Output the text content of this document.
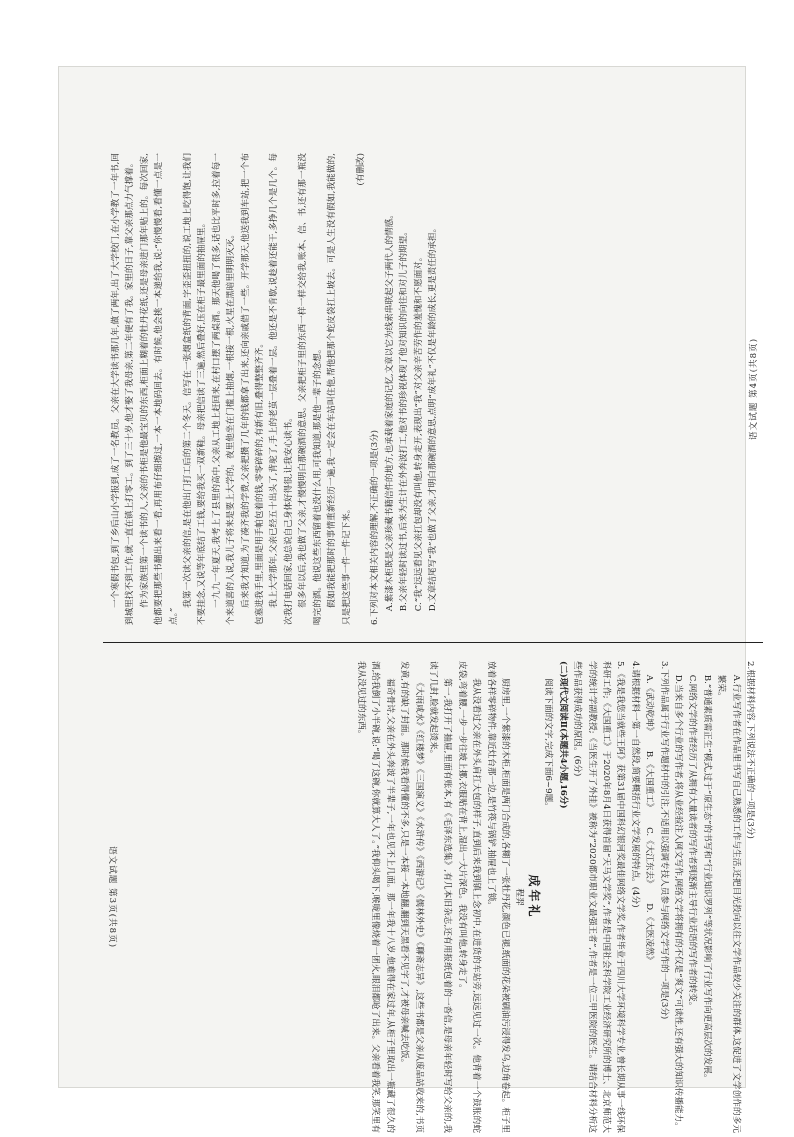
一个寒假书包,到了乡后山小学报到,成了一名教员。父亲在大学读书那几年,做了两年,出了大学校门,在小学教了一年书,回到城里找不到工作,就一直在镇上打零工。到了三十岁,他才娶了我母亲,第二年便有了我。家里的日子,靠父亲那点力气撑着。 作为家族里第一个读书的人,父亲的书柜是他最宝贝的东西,柜面上糊着的牡丹花纸,还是母亲进门那年贴上的。每次回家,他都要把那些书翻出来看一看,再用布仔细擦过,一本一本地码回去。有时候,他会挑一本递给我,说:“你慢慢看,看懂一点是一点。”

我第一次读父亲的信,是在他出门打工后的第二个冬天。信写在一张烟盒纸的背面,字歪歪扭扭的,说工地上吃得饱,让我们不要挂念,又说等年底结了工钱,要给我买一双新鞋。母亲把信读了三遍,然后叠好,压在柜子最里面的抽屉里。 一九九一年夏天,我考上了县里的高中,父亲从工地上赶回来,在村口摆了两桌酒。那天他喝了很多,话也比平时多,拉着每一个来道喜的人说,我儿子将来是要上大学的。夜里他坐在门槛上抽烟,一根接一根,火星在黑暗里明明灭灭。 后来我才知道,为了凑齐我的学费,父亲把攒了几年的钱都拿了出来,还向亲戚借了一些。开学那天,他送我到车站,把一个布包塞进我手里,里面是用手帕包着的钱,零零碎碎的,有新有旧,叠得整整齐齐。 我上大学那年,父亲已经五十出头了,背驼了,手上的老茧一层叠着一层。他还是不肯歇,说趁着还能干,多挣几个是几个。每次我打电话回家,他总说自己身体好得很,让我安心读书。 很多年以后,我也做了父亲,才慢慢明白那碗酒的意思。父亲把柜子里的东西一样一样交给我,账本、信、书,还有那一瓶没喝完的酒。他说这些东西留着也没什么用,可我知道,那是他一辈子的念想。 假如我能把那时的事情重新经历一遍,我一定会在车站叫住他,帮他把那个蛇皮袋扛上坡去。可是人生没有假如,我能做的,只是把这些事一件一件记下来。

(有删改)

6.下列对本文相关内容的理解,不正确的一项是(3分) A.紫漆木柜既是父亲珍藏书籍信件的地方,也承载着家庭的记忆,文章以它为线索串联起父子两代人的情感。 B.父亲年轻时读过书,后来为生计在外奔波打工,他对书的珍视体现了他对知识的向往和对儿子的期望。 C.“我”远远看见父亲扛包却没有叫他,转身走开,表现出“我”对父亲辛苦劳作的羞愧和不愿面对。 D.文章结尾写“我”也做了父亲,才明白那碗酒的意思,点明“成年礼”不仅是年龄的成长,更是责任的承担。	语文试题 第4页(共8页)

2.根据材料内容,下列说法不正确的一项是(3分)

A.行业写作者在作品里书写自己熟悉的工作与生活,还把目光投向以往文学作品较少关注的群体,这促进了文学创作的多元繁荣。

B.“普通素质需正生”模式,过于“原生态”的书写和“行业知识罗列”等状况影响了行业写作向更高层次的发展。

C.网络文学的作者经历了从拥有大量读者的写作者到逐渐主导行业话语的写作者的转变。

D.当来自多个行业的写作者,将从业经验注入网文写作,网络文学将拥有的不仅是“爽文”可读性,还有强大的知识传播能力。

3.下列作品属于行业写作题材中的引注,不适用以强调专技人员参与网络文学写作的一项是(3分)

A.《武动乾坤》　　 B.《大国重工》　　 C.《大江东去》　　 D.《大医凌然》

4.请根据材料一第一自然段,简要概括行业文学发展的特点。(4分)

5.《我是我您当就些王阿》获第31届中国科幻银河奖最佳网络文学奖,作者毕业于四川大学环境科学专业,曾长期从事一线环保科研工作;《大国重工》于2020年8月4日获得首届“天马文学奖”,作者是中国社会科学院工业经济研究所的博士、北京师范大学的统计学副教授;《当医生开了外挂》被称为“2020都市职业文最强王者”,作者是一位三甲医院的医生。请结合材料分析这些作品获得成功的原因。(6分)

(二)现代文阅读Ⅱ(本题共4小题,16分)

阅读下面的文字,完成下面6~9题。

成年礼

程羿

厨房里,一个紫漆的木柜,柜面是两门合成的,各糊了一张牡丹花,颜色已褪,纸面的花朵被刷油污浸得发乌,边角卷起。柜子里放着各样零碎物件,靠近灶台那一边,是竹筷与锅铲,抽屉也上了锁。

我从没看过父亲在外头肩扛大包的样子,直到后来我到镇上念初中,在进货的车站旁,远远见过一次。他背着一个鼓胀的蛇皮袋,弯着腰,一步一步往坡上挪,衣服贴在背上,湿出一大片深色。我没有叫他,转身走了。

第一,我打开了抽屉,里面有账本,有《毛泽东选集》,有几本旧杂志,还有用报纸包着的一沓信,是母亲年轻时写给父亲的,我读了几封,脸就发起烫来。

《大雨咸水》《红楼梦》《三国演义》《水浒传》《西游记》《儒林外史》《聊斋志异》,这些书都是父亲从废品站收来的,书页发黄,有的缺了封面。那时候我看得懂的不多,只是一本接一本地翻,翻到天黑看不见字了,才被母亲喊去吃饭。

福奇骨诗,父亲在外头奔波了半辈子,一年也见不上几面。那一年我十八岁,他难得在家过年,从柜子里取出一瓶藏了很久的酒,给我倒了小半碗,说:“喝了这碗,你就算大人了。”我仰头喝下,喉咙里像烧着一团火,眼泪都呛了出来。父亲看着我笑,那笑里有我从没见过的东西。

语文试题 第3页(共8页)
